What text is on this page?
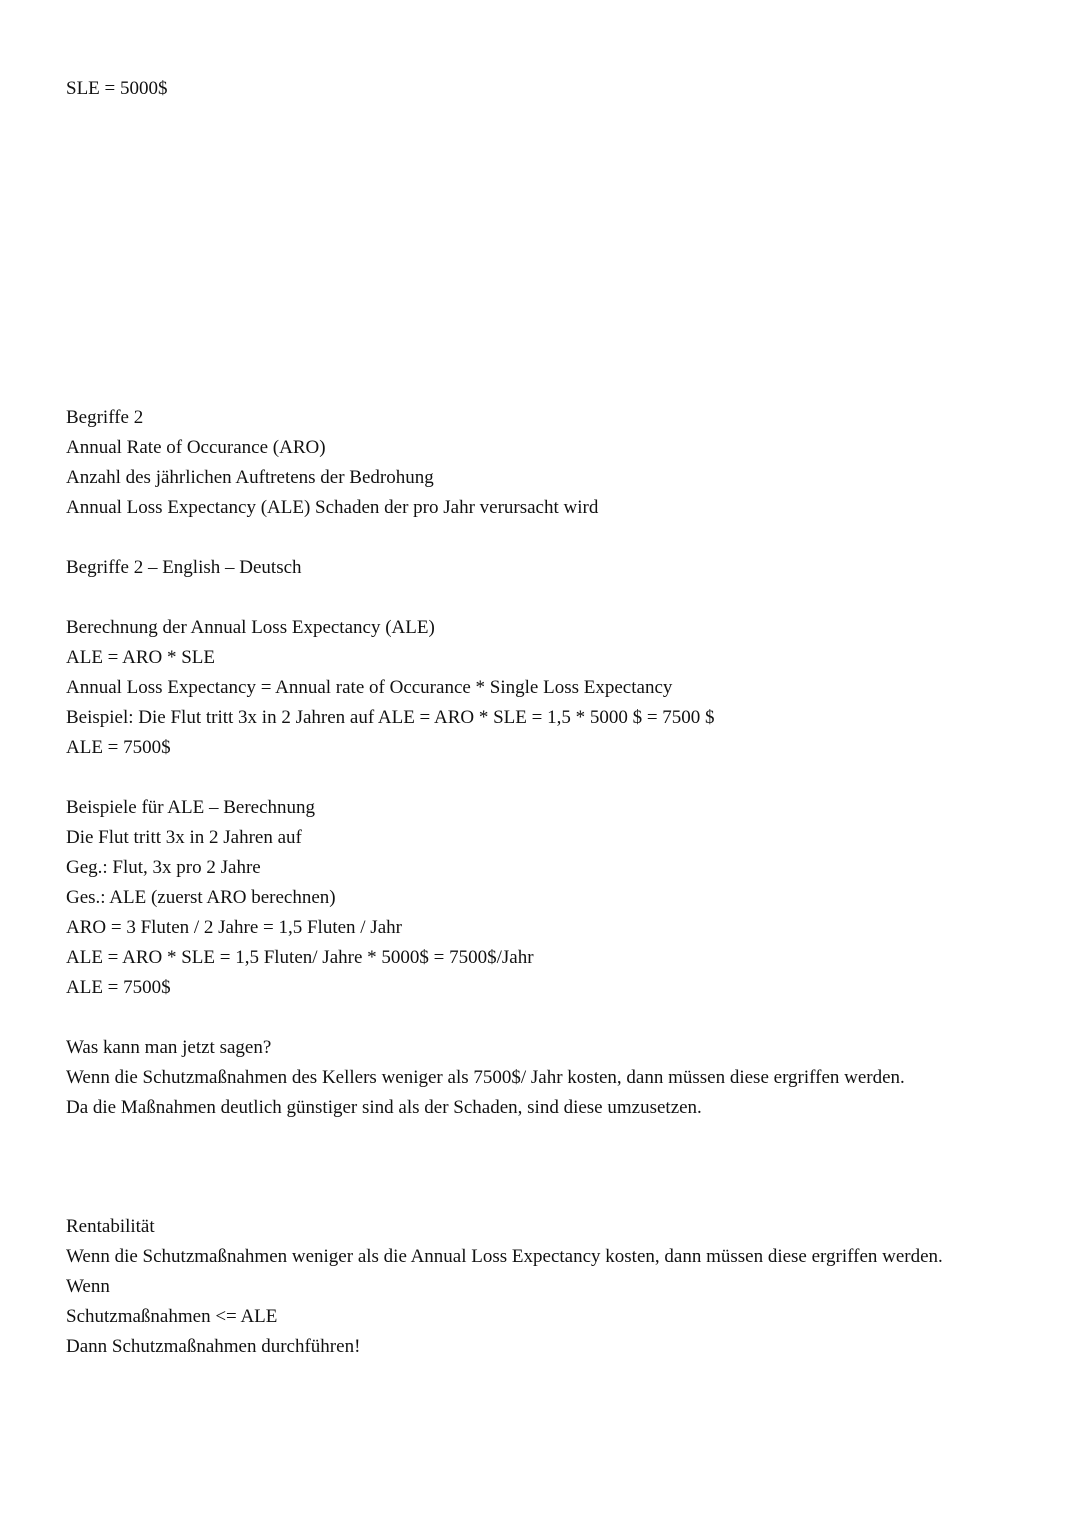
SLE = 5000$

Begriffe 2

Annual Rate of Occurance (ARO)

Anzahl des jährlichen Auftretens der Bedrohung

Annual Loss Expectancy (ALE) Schaden der pro Jahr verursacht wird

Begriffe 2 – English – Deutsch

Berechnung der Annual Loss Expectancy (ALE)

ALE = ARO * SLE

Annual Loss Expectancy = Annual rate of Occurance * Single Loss Expectancy

Beispiel: Die Flut tritt 3x in 2 Jahren auf ALE = ARO * SLE = 1,5 * 5000 $ = 7500 $

ALE = 7500$

Beispiele für ALE – Berechnung

Die Flut tritt 3x in 2 Jahren auf

Geg.: Flut, 3x pro 2 Jahre

Ges.: ALE (zuerst ARO berechnen)

ARO = 3 Fluten / 2 Jahre = 1,5 Fluten / Jahr

ALE = ARO * SLE = 1,5 Fluten/ Jahre * 5000$ = 7500$/Jahr

ALE = 7500$

Was kann man jetzt sagen?

Wenn die Schutzmaßnahmen des Kellers weniger als 7500$/ Jahr kosten, dann müssen diese ergriffen werden.

Da die Maßnahmen deutlich günstiger sind als der Schaden, sind diese umzusetzen.

Rentabilität

Wenn die Schutzmaßnahmen weniger als die Annual Loss Expectancy kosten, dann müssen diese ergriffen werden.

Wenn

Schutzmaßnahmen <= ALE

Dann Schutzmaßnahmen durchführen!
